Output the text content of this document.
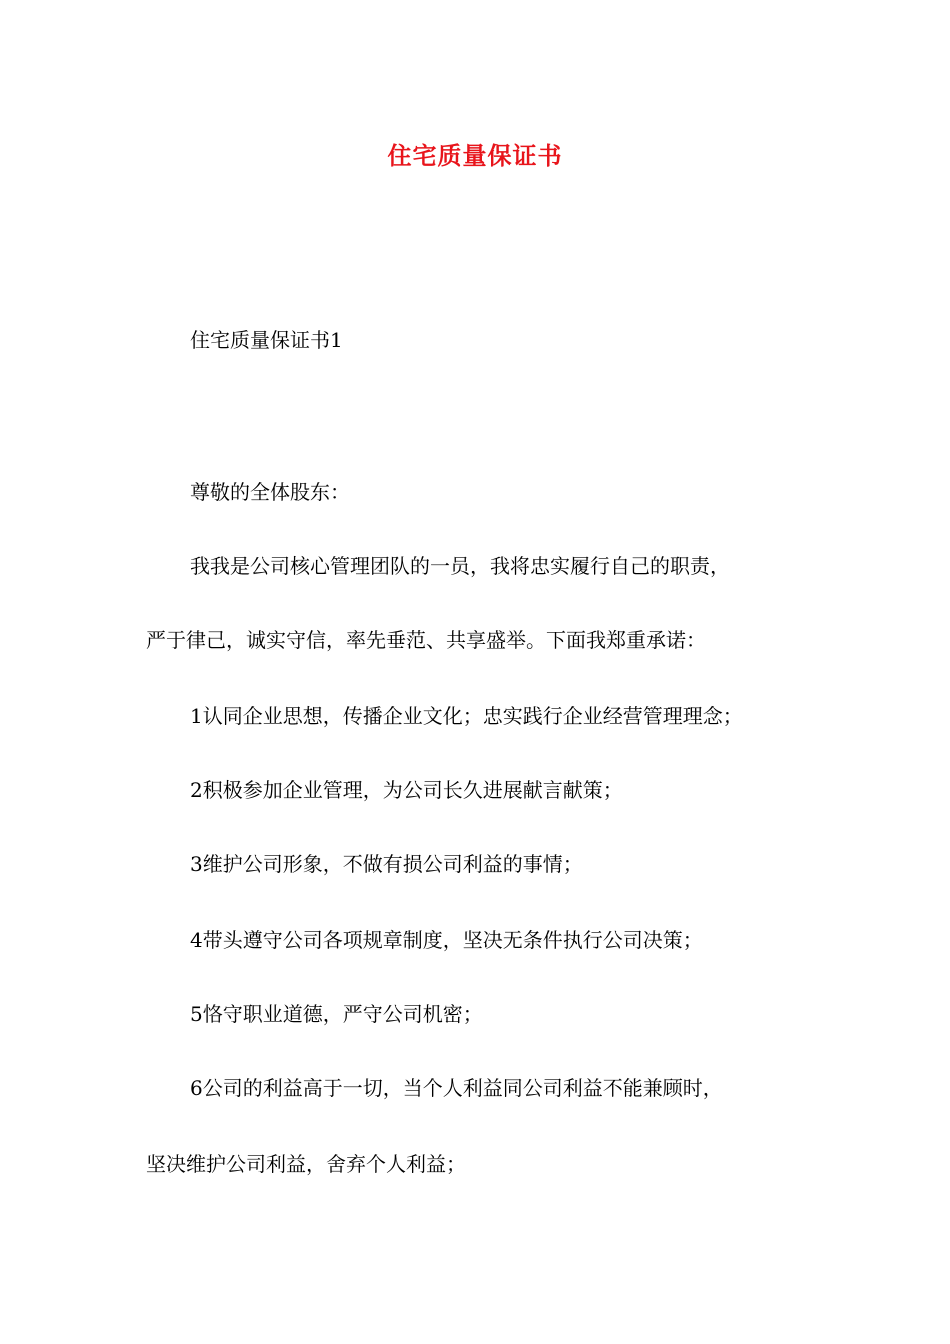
住宅质量保证书
住宅质量保证书1
尊敬的全体股东：
我我是公司核心管理团队的一员，我将忠实履行自己的职责，
严于律己，诚实守信，率先垂范、共享盛举。下面我郑重承诺：
1认同企业思想，传播企业文化；忠实践行企业经营管理理念；
2积极参加企业管理，为公司长久进展献言献策；
3维护公司形象，不做有损公司利益的事情；
4带头遵守公司各项规章制度，坚决无条件执行公司决策；
5恪守职业道德，严守公司机密；
6公司的利益高于一切，当个人利益同公司利益不能兼顾时，
坚决维护公司利益，舍弃个人利益；
